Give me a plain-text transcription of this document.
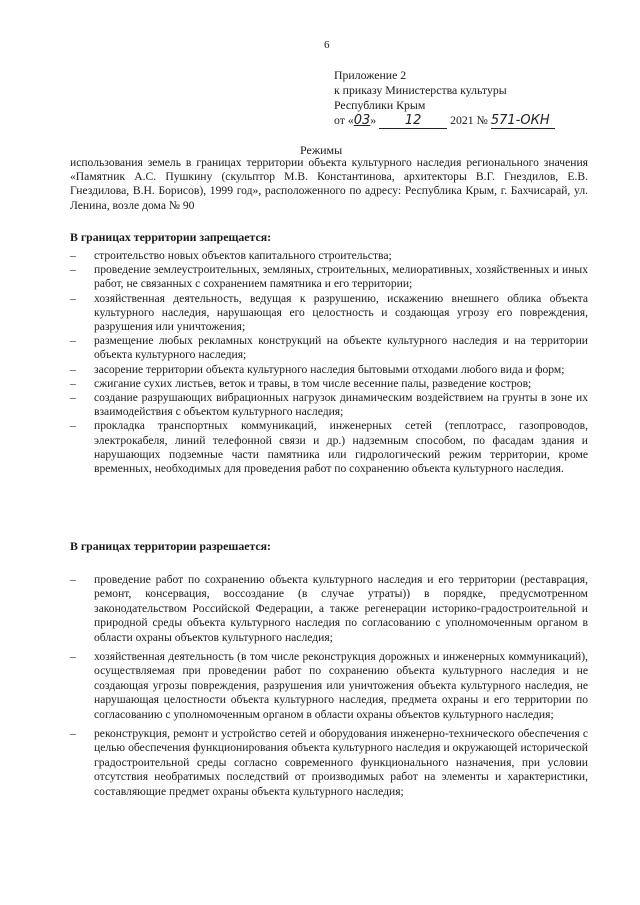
6
Приложение 2
к приказу Министерства культуры
Республики Крым
от «03» 12 2021 № 571-ОКН
Режимы
использования земель в границах территории объекта культурного наследия регионального значения «Памятник А.С. Пушкину (скульптор М.В. Константинова, архитекторы В.Г. Гнездилов, Е.В. Гнездилова, В.Н. Борисов), 1999 год», расположенного по адресу: Республика Крым, г. Бахчисарай, ул. Ленина, возле дома № 90
В границах территории запрещается:
– строительство новых объектов капитального строительства;
– проведение землеустроительных, земляных, строительных, мелиоративных, хозяйственных и иных работ, не связанных с сохранением памятника и его территории;
– хозяйственная деятельность, ведущая к разрушению, искажению внешнего облика объекта культурного наследия, нарушающая его целостность и создающая угрозу его повреждения, разрушения или уничтожения;
– размещение любых рекламных конструкций на объекте культурного наследия и на территории объекта культурного наследия;
– засорение территории объекта культурного наследия бытовыми отходами любого вида и форм;
– сжигание сухих листьев, веток и травы, в том числе весенние палы, разведение костров;
– создание разрушающих вибрационных нагрузок динамическим воздействием на грунты в зоне их взаимодействия с объектом культурного наследия;
– прокладка транспортных коммуникаций, инженерных сетей (теплотрасс, газопроводов, электрокабеля, линий телефонной связи и др.) надземным способом, по фасадам здания и нарушающих подземные части памятника или гидрологический режим территории, кроме временных, необходимых для проведения работ по сохранению объекта культурного наследия.
В границах территории разрешается:
– проведение работ по сохранению объекта культурного наследия и его территории (реставрация, ремонт, консервация, воссоздание (в случае утраты)) в порядке, предусмотренном законодательством Российской Федерации, а также регенерации историко-градостроительной и природной среды объекта культурного наследия по согласованию с уполномоченным органом в области охраны объектов культурного наследия;
– хозяйственная деятельность (в том числе реконструкция дорожных и инженерных коммуникаций), осуществляемая при проведении работ по сохранению объекта культурного наследия и не создающая угрозы повреждения, разрушения или уничтожения объекта культурного наследия, не нарушающая целостности объекта культурного наследия, предмета охраны и его территории по согласованию с уполномоченным органом в области охраны объектов культурного наследия;
– реконструкция, ремонт и устройство сетей и оборудования инженерно-технического обеспечения с целью обеспечения функционирования объекта культурного наследия и окружающей исторической градостроительной среды согласно современного функционального назначения, при условии отсутствия необратимых последствий от производимых работ на элементы и характеристики, составляющие предмет охраны объекта культурного наследия;
